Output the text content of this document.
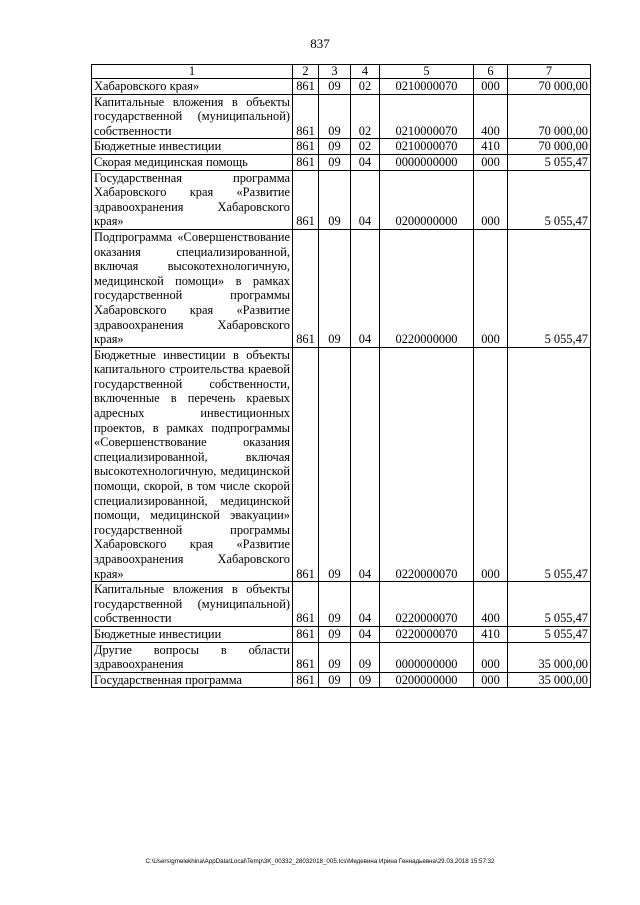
837
1	2	3	4	5	6	7
Хабаровского края»	861	09	02	0210000070	000	70 000,00
Капитальные вложения в объекты государственной (муниципальной) собственности	861	09	02	0210000070	400	70 000,00
Бюджетные инвестиции	861	09	02	0210000070	410	70 000,00
Скорая медицинская помощь	861	09	04	0000000000	000	5 055,47
Государственная программа Хабаровского края «Развитие здравоохранения Хабаровского края»	861	09	04	0200000000	000	5 055,47
Подпрограмма «Совершенствование оказания специализированной, включая высокотехнологичную, медицинской помощи» в рамках государственной программы Хабаровского края «Развитие здравоохранения Хабаровского края»	861	09	04	0220000000	000	5 055,47
Бюджетные инвестиции в объекты капитального строительства краевой государственной собственности, включенные в перечень краевых адресных инвестиционных проектов, в рамках подпрограммы «Совершенствование оказания специализированной, включая высокотехнологичную, медицинской помощи, скорой, в том числе скорой специализированной, медицинской помощи, медицинской эвакуации» государственной программы Хабаровского края «Развитие здравоохранения Хабаровского края»	861	09	04	0220000070	000	5 055,47
Капитальные вложения в объекты государственной (муниципальной) собственности	861	09	04	0220000070	400	5 055,47
Бюджетные инвестиции	861	09	04	0220000070	410	5 055,47
Другие вопросы в области здравоохранения	861	09	09	0000000000	000	35 000,00
Государственная программа	861	09	09	0200000000	000	35 000,00
C:\Users\gmelekhina\AppData\Local\Temp\3K_00332_28032018_005.tcs\Медевина Ирина Геннадьевна\29.03.2018 15:57:32
